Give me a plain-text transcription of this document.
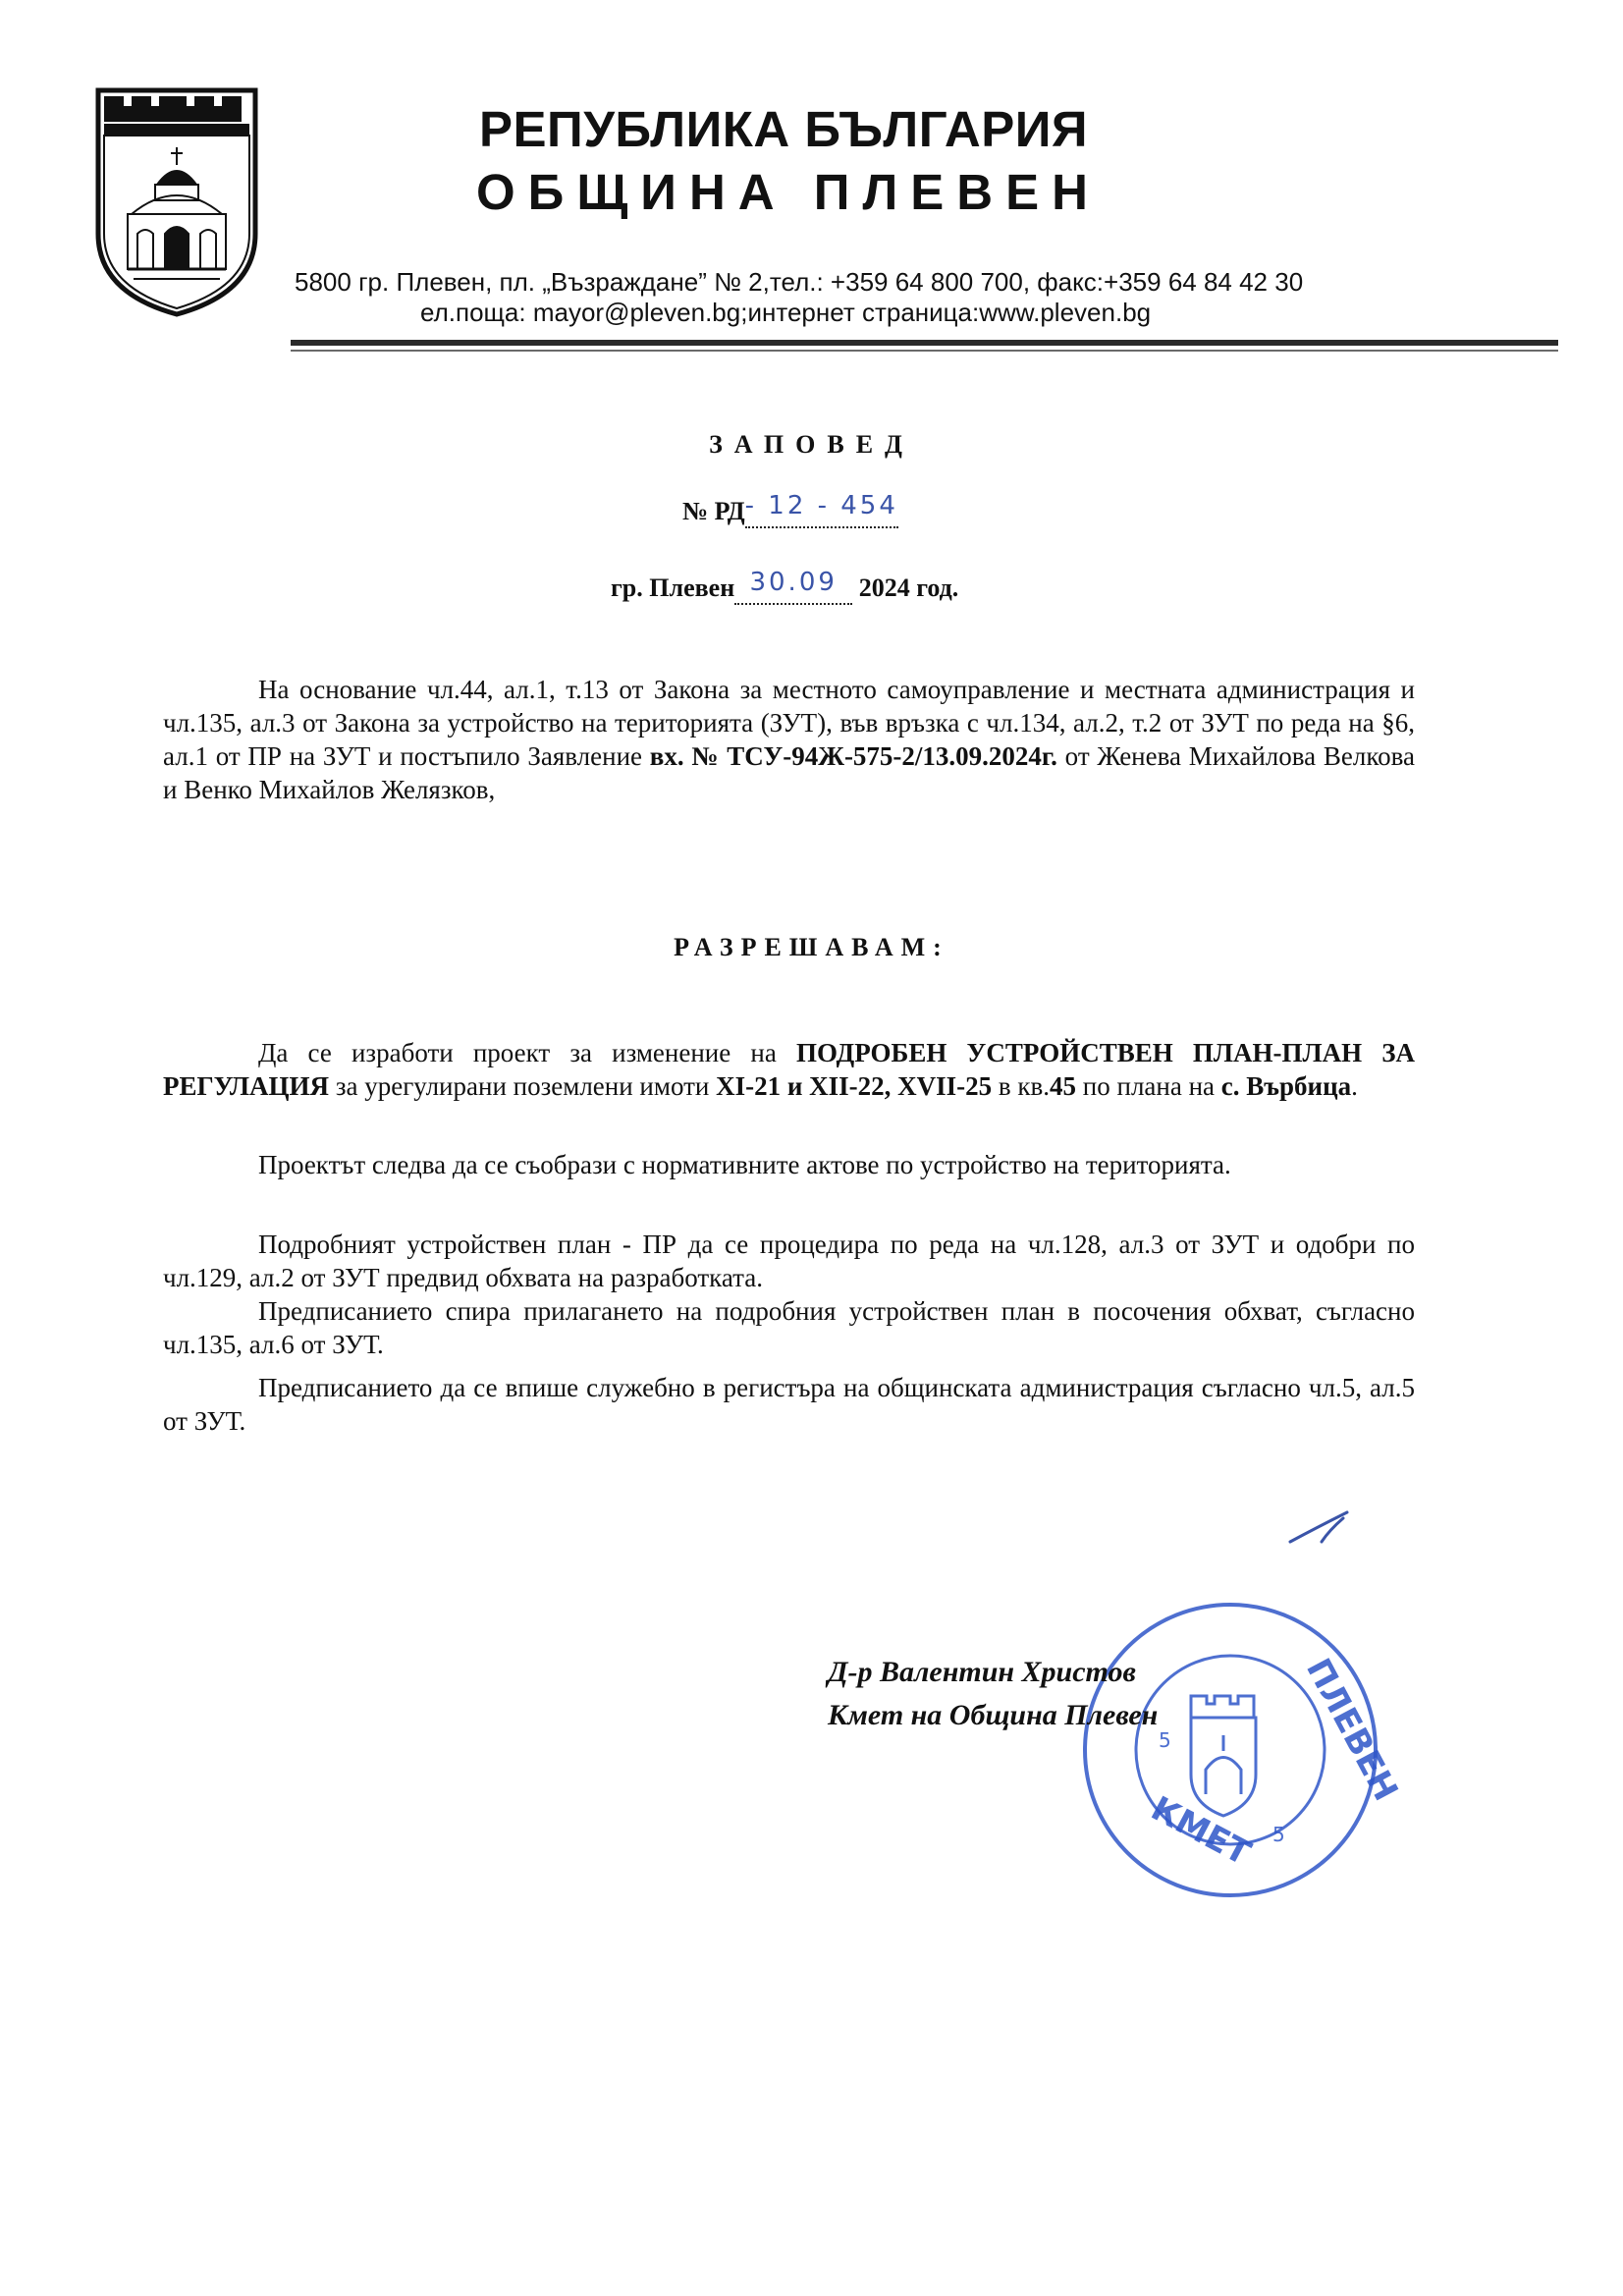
РЕПУБЛИКА БЪЛГАРИЯ
ОБЩИНА ПЛЕВЕН
5800 гр. Плевен, пл. „Възраждане” № 2,тел.: +359 64 800 700, факс:+359 64 84 42 30
ел.поща: mayor@pleven.bg;интернет страница:www.pleven.bg
ЗАПОВЕД
№ РД- 12 - 454
гр. Плевен 30.09 2024 год.
На основание чл.44, ал.1, т.13 от Закона за местното самоуправление и местната администрация и чл.135, ал.3 от Закона за устройство на територията (ЗУТ), във връзка с чл.134, ал.2, т.2 от ЗУТ по реда на §6, ал.1 от ПР на ЗУТ и постъпило Заявление вх. № ТСУ-94Ж-575-2/13.09.2024г. от Женева Михайлова Велкова и Венко Михайлов Желязков,
РАЗРЕШАВАМ:
Да се изработи проект за изменение на ПОДРОБЕН УСТРОЙСТВЕН ПЛАН-ПЛАН ЗА РЕГУЛАЦИЯ за урегулирани поземлени имоти ХІ-21 и ХІІ-22, ХVІІ-25 в кв.45 по плана на с. Върбица.
Проектът следва да се съобрази с нормативните актове по устройство на територията.
Подробният устройствен план - ПР да се процедира по реда на чл.128, ал.3 от ЗУТ и одобри по чл.129, ал.2 от ЗУТ предвид обхвата на разработката.
Предписанието спира прилагането на подробния устройствен план в посочения обхват, съгласно чл.135, ал.6 от ЗУТ.
Предписанието да се впише служебно в регистъра на общинската администрация съгласно чл.5, ал.5 от ЗУТ.
ПЛЕВЕН
КМЕТ 5
5
Д-р Валентин Христов
Кмет на Община Плевен
